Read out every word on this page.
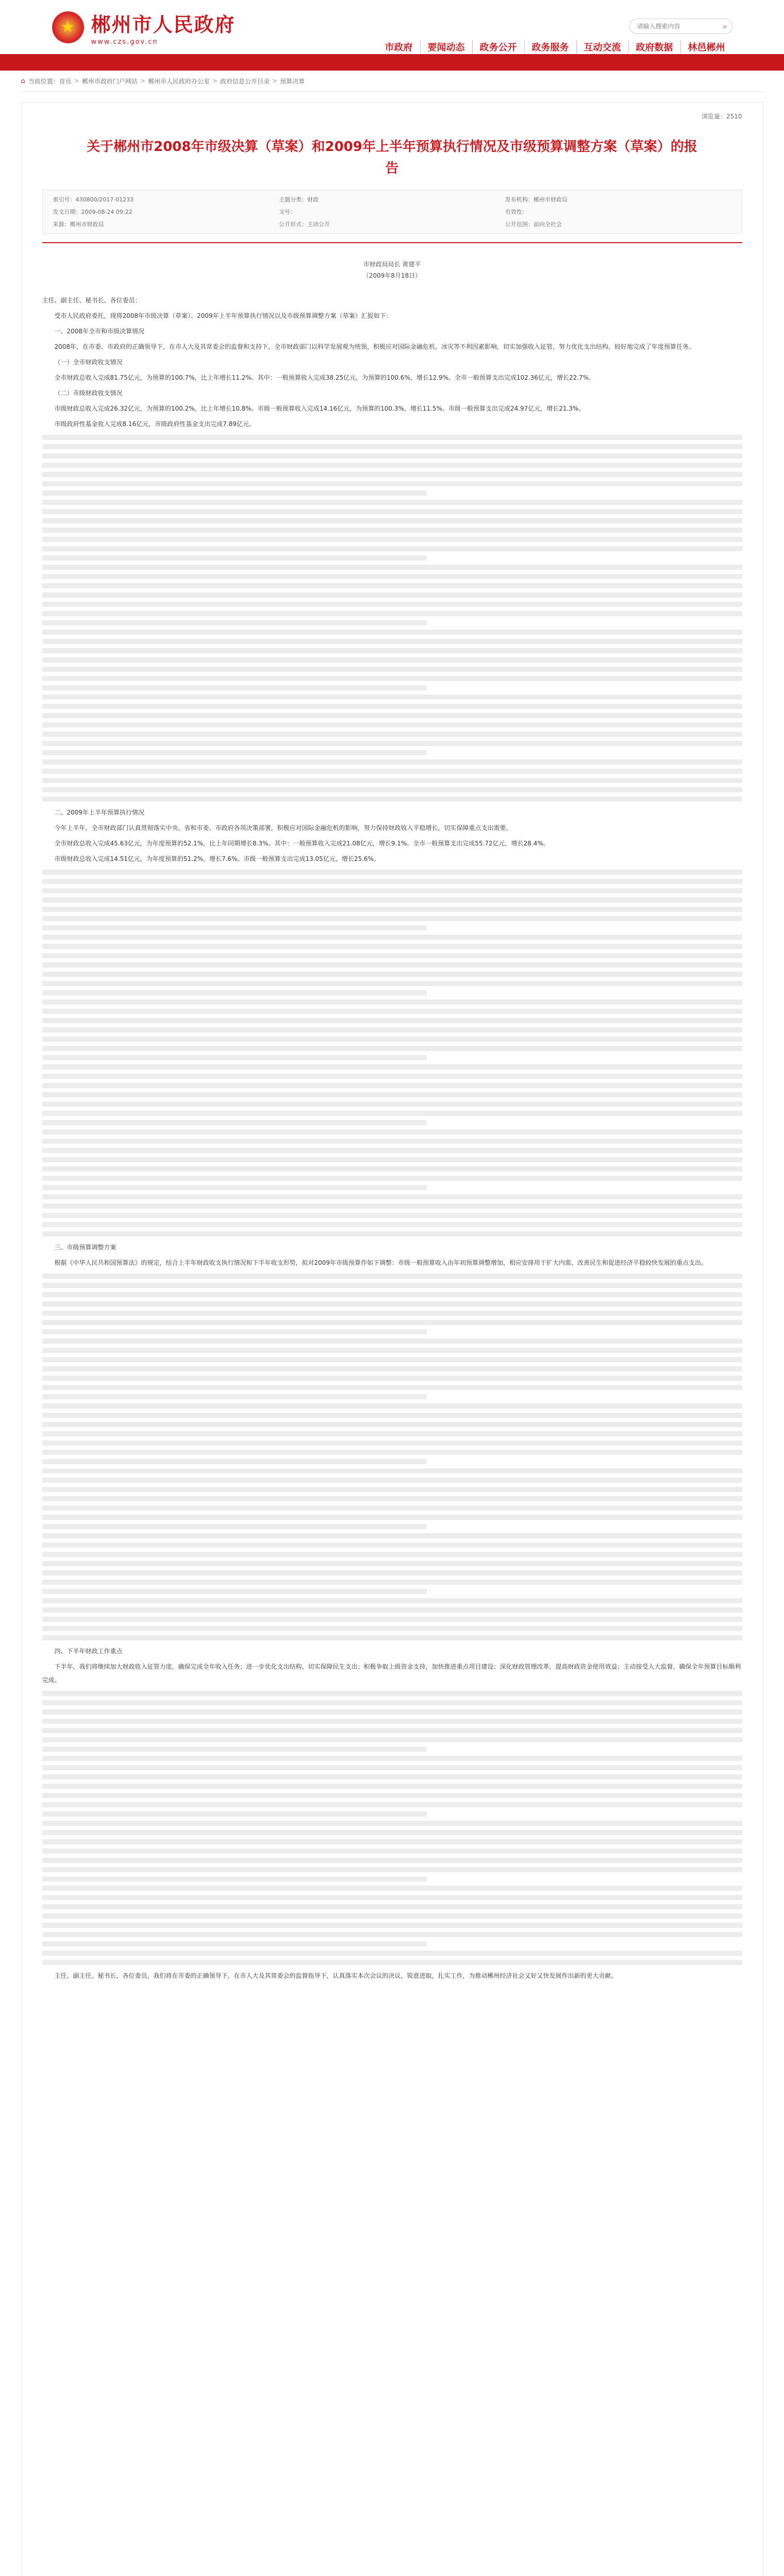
★ 郴州市人民政府
www.czs.gov.cn
请输入搜索内容
⌕
市政府	要闻动态	政务公开	政务服务	互动交流	政府数据	林邑郴州
⌂ 当前位置： 首页 > 郴州市政府门户网站 > 郴州市人民政府办公室 > 政府信息公开目录 > 预算决算
浏览量：2510
关于郴州市2008年市级决算（草案）和2009年上半年预算执行情况及市级预算调整方案（草案）的报告
索引号：430800/2017-01233	主题分类：财政	发布机构：郴州市财政局
发文日期：2009-08-24 09:22	文号：	有效性：
来源：郴州市财政局	公开形式：主动公开	公开范围：面向全社会
市财政局局长 黄建平
（2009年8月18日）

主任、副主任、秘书长、各位委员：

受市人民政府委托，现将2008年市级决算（草案）、2009年上半年预算执行情况以及市级预算调整方案（草案）汇报如下：

一、2008年全市和市级决算情况

2008年，在市委、市政府的正确领导下，在市人大及其常委会的监督和支持下，全市财政部门以科学发展观为统领，积极应对国际金融危机、冰灾等不利因素影响，切实加强收入征管，努力优化支出结构，较好地完成了年度预算任务。

（一）全市财政收支情况

全市财政总收入完成81.75亿元，为预算的100.7%，比上年增长11.2%。其中：一般预算收入完成38.25亿元，为预算的100.6%，增长12.9%。全市一般预算支出完成102.36亿元，增长22.7%。

（二）市级财政收支情况

市级财政总收入完成26.32亿元，为预算的100.2%，比上年增长10.8%。市级一般预算收入完成14.16亿元，为预算的100.3%，增长11.5%。市级一般预算支出完成24.97亿元，增长21.3%。

市级政府性基金收入完成8.16亿元，市级政府性基金支出完成7.89亿元。

二、2009年上半年预算执行情况

今年上半年，全市财政部门认真贯彻落实中央、省和市委、市政府各项决策部署，积极应对国际金融危机的影响，努力保持财政收入平稳增长，切实保障重点支出需要。

全市财政总收入完成45.63亿元，为年度预算的52.1%，比上年同期增长8.3%。其中：一般预算收入完成21.08亿元，增长9.1%。全市一般预算支出完成55.72亿元，增长28.4%。

市级财政总收入完成14.51亿元，为年度预算的51.2%，增长7.6%。市级一般预算支出完成13.05亿元，增长25.6%。

三、市级预算调整方案

根据《中华人民共和国预算法》的规定，结合上半年财政收支执行情况和下半年收支形势，拟对2009年市级预算作如下调整：市级一般预算收入由年初预算调整增加，相应安排用于扩大内需、改善民生和促进经济平稳较快发展的重点支出。

四、下半年财政工作重点

下半年，我们将继续加大财政收入征管力度，确保完成全年收入任务；进一步优化支出结构，切实保障民生支出；积极争取上级资金支持，加快推进重点项目建设；深化财政管理改革，提高财政资金使用效益；主动接受人大监督，确保全年预算目标顺利完成。

主任、副主任、秘书长、各位委员，我们将在市委的正确领导下，在市人大及其常委会的监督指导下，认真落实本次会议的决议，锐意进取，扎实工作，为推动郴州经济社会又好又快发展作出新的更大贡献。
